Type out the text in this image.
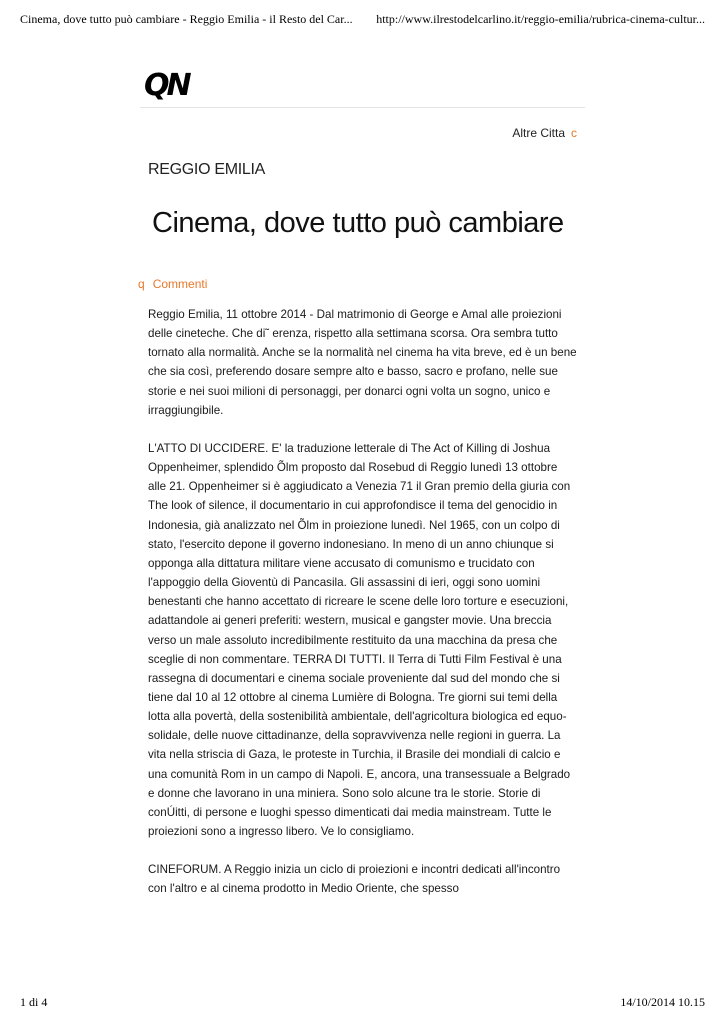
Cinema, dove tutto può cambiare - Reggio Emilia - il Resto del Car... http://www.ilrestodelcarlino.it/reggio-emilia/rubrica-cinema-cultur...
QN
Altre Citta c
REGGIO EMILIA
Cinema, dove tutto può cambiare
q Commenti

Reggio Emilia, 11 ottobre 2014 - Dal matrimonio di George e Amal alle proiezioni delle cineteche. Che di˜ erenza, rispetto alla settimana scorsa. Ora sembra tutto tornato alla normalità. Anche se la normalità nel cinema ha vita breve, ed è un bene che sia così, preferendo dosare sempre alto e basso, sacro e profano, nelle sue storie e nei suoi milioni di personaggi, per donarci ogni volta un sogno, unico e irraggiungibile.

L'ATTO DI UCCIDERE. E' la traduzione letterale di The Act of Killing di Joshua Oppenheimer, splendido Õlm proposto dal Rosebud di Reggio lunedì 13 ottobre alle 21. Oppenheimer si è aggiudicato a Venezia 71 il Gran premio della giuria con The look of silence, il documentario in cui approfondisce il tema del genocidio in Indonesia, già analizzato nel Õlm in proiezione lunedì. Nel 1965, con un colpo di stato, l'esercito depone il governo indonesiano. In meno di un anno chiunque si opponga alla dittatura militare viene accusato di comunismo e trucidato con l'appoggio della Gioventù di Pancasila. Gli assassini di ieri, oggi sono uomini benestanti che hanno accettato di ricreare le scene delle loro torture e esecuzioni, adattandole ai generi preferiti: western, musical e gangster movie. Una breccia verso un male assoluto incredibilmente restituito da una macchina da presa che sceglie di non commentare. TERRA DI TUTTI. Il Terra di Tutti Film Festival è una rassegna di documentari e cinema sociale proveniente dal sud del mondo che si tiene dal 10 al 12 ottobre al cinema Lumière di Bologna. Tre giorni sui temi della lotta alla povertà, della sostenibilità ambientale, dell'agricoltura biologica ed equo-solidale, delle nuove cittadinanze, della sopravvivenza nelle regioni in guerra. La vita nella striscia di Gaza, le proteste in Turchia, il Brasile dei mondiali di calcio e una comunità Rom in un campo di Napoli. E, ancora, una transessuale a Belgrado e donne che lavorano in una miniera. Sono solo alcune tra le storie. Storie di conÚitti, di persone e luoghi spesso dimenticati dai media mainstream. Tutte le proiezioni sono a ingresso libero. Ve lo consigliamo.

CINEFORUM. A Reggio inizia un ciclo di proiezioni e incontri dedicati all'incontro con l'altro e al cinema prodotto in Medio Oriente, che spesso

1 di 4	14/10/2014 10.15
